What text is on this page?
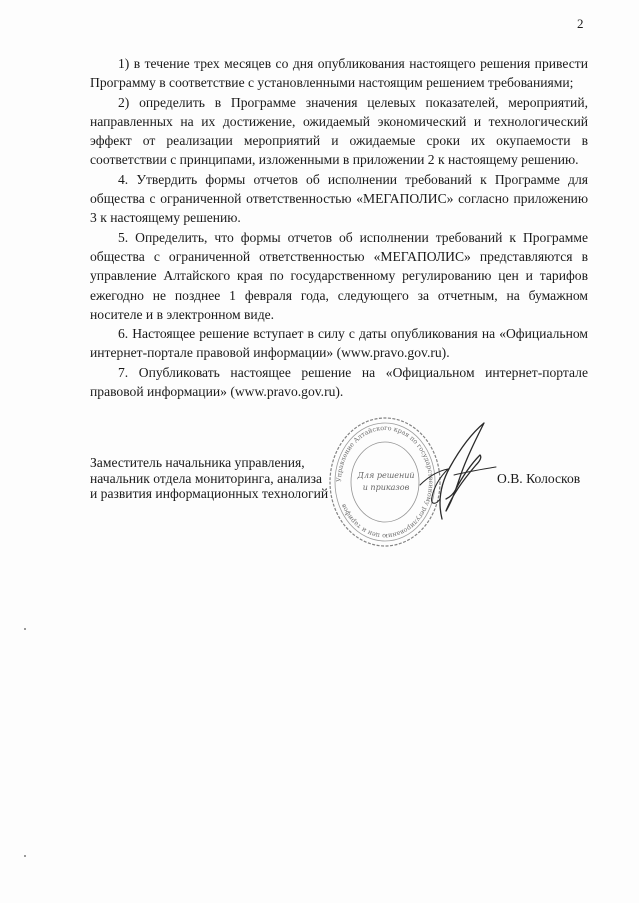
2

1) в течение трех месяцев со дня опубликования настоящего решения привести Программу в соответствие с установленными настоящим решением требованиями;

2) определить в Программе значения целевых показателей, мероприятий, направленных на их достижение, ожидаемый экономический и технологический эффект от реализации мероприятий и ожидаемые сроки их окупаемости в соответствии с принципами, изложенными в приложении 2 к настоящему решению.

4. Утвердить формы отчетов об исполнении требований к Программе для общества с ограниченной ответственностью «МЕГАПОЛИС» согласно приложению 3 к настоящему решению.

5. Определить, что формы отчетов об исполнении требований к Программе общества с ограниченной ответственностью «МЕГАПОЛИС» представляются в управление Алтайского края по государственному регулированию цен и тарифов ежегодно не позднее 1 февраля года, следующего за отчетным, на бумажном носителе и в электронном виде.

6. Настоящее решение вступает в силу с даты опубликования на «Официальном интернет-портале правовой информации» (www.pravo.gov.ru).

7. Опубликовать настоящее решение на «Официальном интернет-портале правовой информации» (www.pravo.gov.ru).

Управление Алтайского края по государственному регулированию цен и тарифов
Для решений
и приказов
Заместитель начальника управления,
начальник отдела мониторинга, анализа
и развития информационных технологий
О.В. Колосков
